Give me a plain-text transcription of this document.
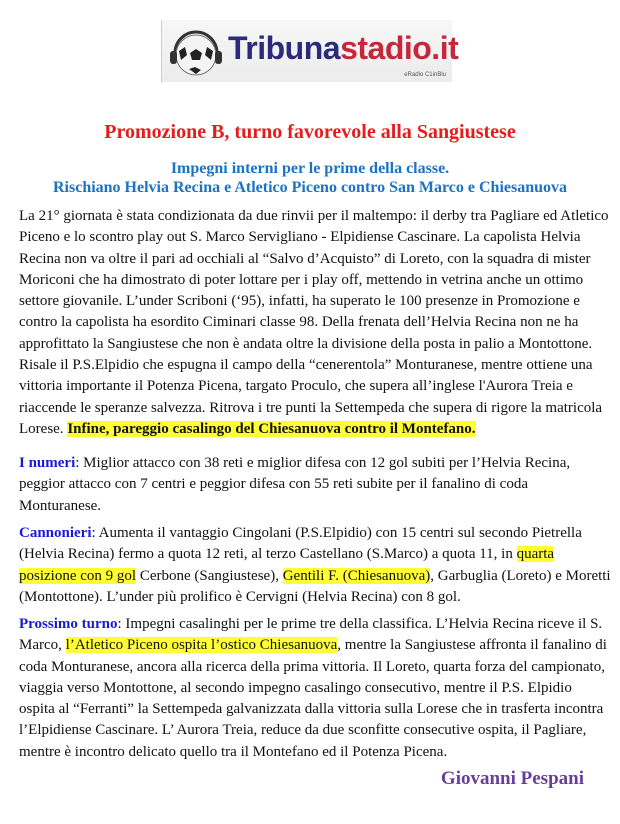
Tribunastadio.it
eRadio C1inBlu
Promozione B, turno favorevole alla Sangiustese
Impegni interni per le prime della classe.
Rischiano Helvia Recina e Atletico Piceno contro San Marco e Chiesanuova

La 21° giornata è stata condizionata da due rinvii per il maltempo: il derby tra Pagliare ed Atletico Piceno e lo scontro play out S. Marco Servigliano - Elpidiense Cascinare. La capolista Helvia Recina non va oltre il pari ad occhiali al “Salvo d’Acquisto” di Loreto, con la squadra di mister Moriconi che ha dimostrato di poter lottare per i play off, mettendo in vetrina anche un ottimo settore giovanile. L’under Scriboni (‘95), infatti, ha superato le 100 presenze in Promozione e contro la capolista ha esordito Ciminari classe 98. Della frenata dell’Helvia Recina non ne ha approfittato la Sangiustese che non è andata oltre la divisione della posta in palio a Montottone. Risale il P.S.Elpidio che espugna il campo della “cenerentola” Monturanese, mentre ottiene una vittoria importante il Potenza Picena, targato Proculo, che supera all’inglese l'Aurora Treia e riaccende le speranze salvezza. Ritrova i tre punti la Settempeda che supera di rigore la matricola Lorese. Infine, pareggio casalingo del Chiesanuova contro il Montefano.

I numeri: Miglior attacco con 38 reti e miglior difesa con 12 gol subiti per l’Helvia Recina, peggior attacco con 7 centri e peggior difesa con 55 reti subite per il fanalino di coda Monturanese.

Cannonieri: Aumenta il vantaggio Cingolani (P.S.Elpidio) con 15 centri sul secondo Pietrella (Helvia Recina) fermo a quota 12 reti, al terzo Castellano (S.Marco) a quota 11, in quarta posizione con 9 gol Cerbone (Sangiustese), Gentili F. (Chiesanuova), Garbuglia (Loreto) e Moretti (Montottone). L’under più prolifico è Cervigni (Helvia Recina) con 8 gol.

Prossimo turno: Impegni casalinghi per le prime tre della classifica. L’Helvia Recina riceve il S. Marco, l’Atletico Piceno ospita l’ostico Chiesanuova, mentre la Sangiustese affronta il fanalino di coda Monturanese, ancora alla ricerca della prima vittoria. Il Loreto, quarta forza del campionato, viaggia verso Montottone, al secondo impegno casalingo consecutivo, mentre il P.S. Elpidio ospita al “Ferranti” la Settempeda galvanizzata dalla vittoria sulla Lorese che in trasferta incontra l’Elpidiense Cascinare. L’ Aurora Treia, reduce da due sconfitte consecutive ospita, il Pagliare, mentre è incontro delicato quello tra il Montefano ed il Potenza Picena.

Giovanni Pespani
